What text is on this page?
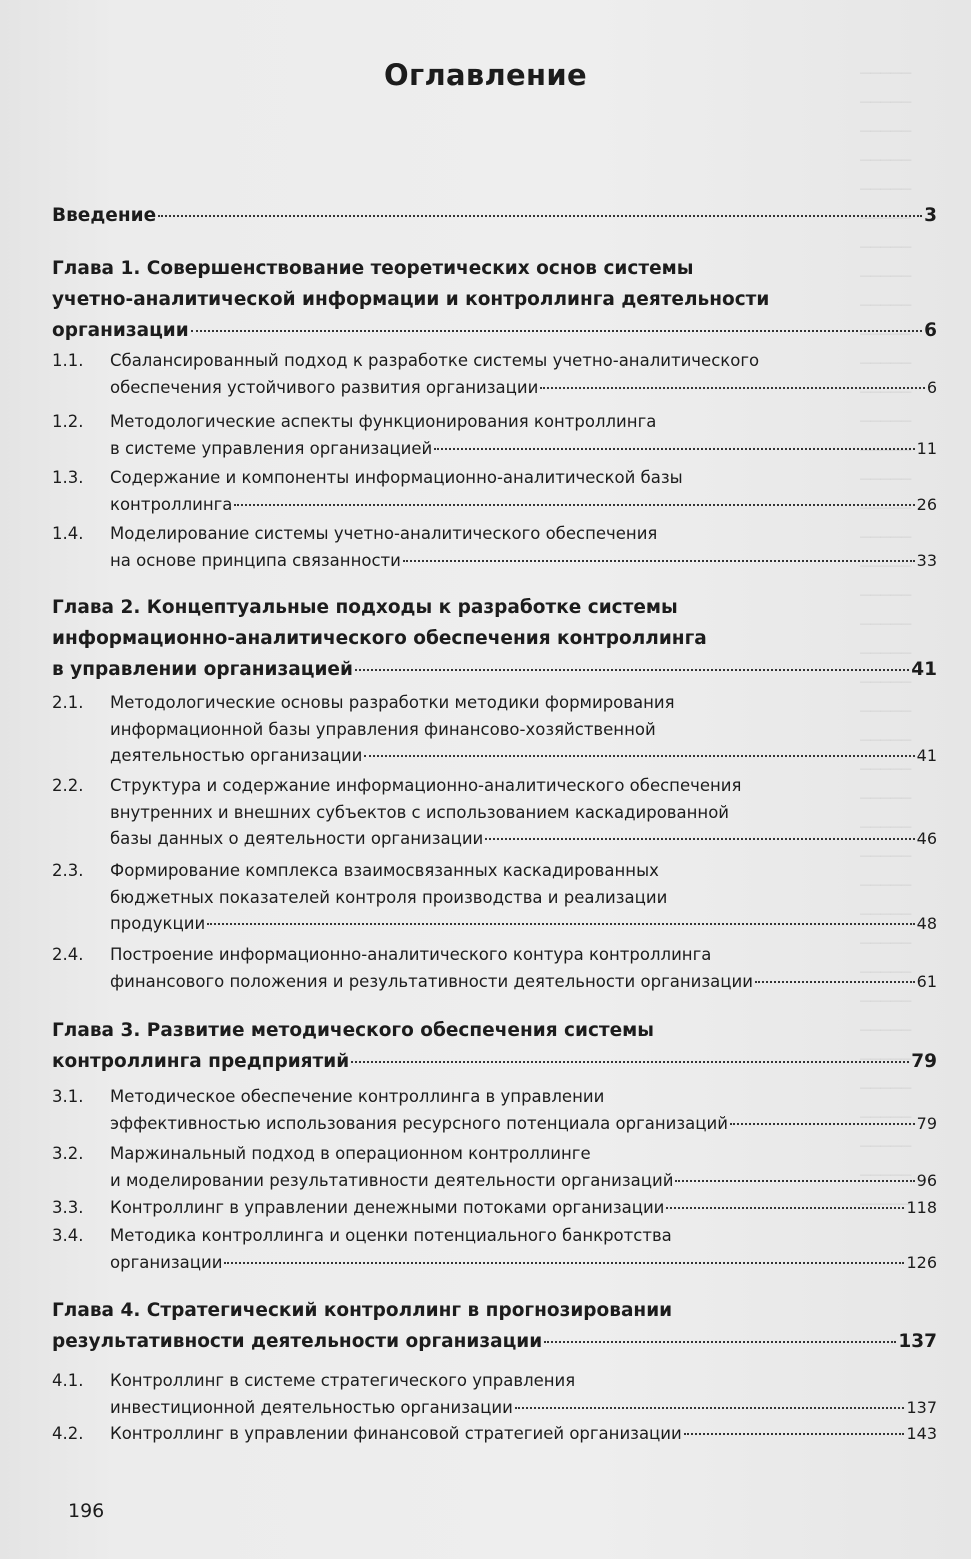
─────
─────
─────
─────
─────
─────
─────
─────
─────
─────
─────
─────
─────
─────
─────
─────
─────
─────
─────
─────
─────
─────
─────
─────
─────
─────
─────
─────
─────
─────
─────
─────
─────
─────
─────
─────
─────
─────
─────
─────
Оглавление
Введение	3
Глава 1. Совершенствование теоретических основ системы
учетно-аналитической информации и контроллинга деятельности
организации	6
1.1.	Сбалансированный подход к разработке системы учетно-аналитического
обеспечения устойчивого развития организации	6
1.2.	Методологические аспекты функционирования контроллинга
в системе управления организацией	11
1.3.	Содержание и компоненты информационно-аналитической базы
контроллинга	26
1.4.	Моделирование системы учетно-аналитического обеспечения
на основе принципа связанности	33
Глава 2. Концептуальные подходы к разработке системы
информационно-аналитического обеспечения контроллинга
в управлении организацией	41
2.1.	Методологические основы разработки методики формирования
информационной базы управления финансово-хозяйственной
деятельностью организации	41
2.2.	Структура и содержание информационно-аналитического обеспечения
внутренних и внешних субъектов с использованием каскадированной
базы данных о деятельности организации	46
2.3.	Формирование комплекса взаимосвязанных каскадированных
бюджетных показателей контроля производства и реализации
продукции	48
2.4.	Построение информационно-аналитического контура контроллинга
финансового положения и результативности деятельности организации	61
Глава 3. Развитие методического обеспечения системы
контроллинга предприятий	79
3.1.	Методическое обеспечение контроллинга в управлении
эффективностью использования ресурсного потенциала организаций	79
3.2.	Маржинальный подход в операционном контроллинге
и моделировании результативности деятельности организаций	96
3.3.	Контроллинг в управлении денежными потоками организации	118
3.4.	Методика контроллинга и оценки потенциального банкротства
организации	126
Глава 4. Стратегический контроллинг в прогнозировании
результативности деятельности организации	137
4.1.	Контроллинг в системе стратегического управления
инвестиционной деятельностью организации	137
4.2.	Контроллинг в управлении финансовой стратегией организации	143
196
